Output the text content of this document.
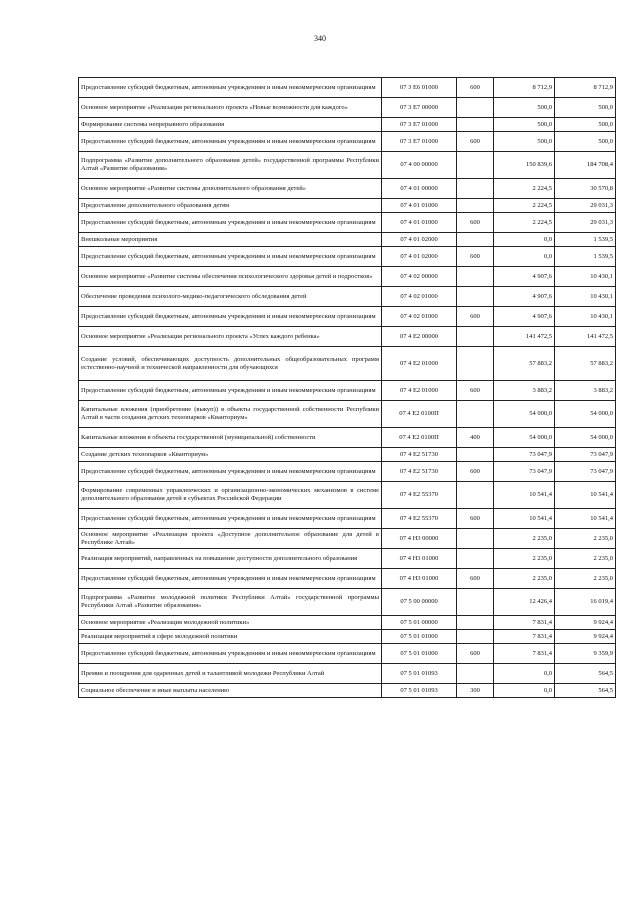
340
Предоставление субсидий бюджетным, автономным учреждениям и иным некоммерческим организациям	07 3 E6 01000	600	8 712,9	8 712,9
Основное мероприятие «Реализация регионального проекта «Новые возможности для каждого»	07 3 E7 00000		500,0	500,0
Формирование системы непрерывного образования	07 3 E7 01000		500,0	500,0
Предоставление субсидий бюджетным, автономным учреждениям и иным некоммерческим организациям	07 3 E7 01000	600	500,0	500,0
Подпрограмма «Развитие дополнительного образования детей» государственной программы Республики Алтай «Развитие образования»	07 4 00 00000		150 839,6	184 708,4
Основное мероприятие «Развитие системы дополнительного образования детей»	07 4 01 00000		2 224,5	30 570,8
Предоставление дополнительного образования детям	07 4 01 01000		2 224,5	29 031,3
Предоставление субсидий бюджетным, автономным учреждениям и иным некоммерческим организациям	07 4 01 01000	600	2 224,5	29 031,3
Внешкольные мероприятия	07 4 01 02000		0,0	1 539,5
Предоставление субсидий бюджетным, автономным учреждениям и иным некоммерческим организациям	07 4 01 02000	600	0,0	1 539,5
Основное мероприятие «Развитие системы обеспечения психологического здоровья детей и подростков»	07 4 02 00000		4 907,6	10 430,1
Обеспечение проведения психолого-медико-педагогического обследования детей	07 4 02 01000		4 907,6	10 430,1
Предоставление субсидий бюджетным, автономным учреждениям и иным некоммерческим организациям	07 4 02 01000	600	4 907,6	10 430,1
Основное мероприятие «Реализация регионального проекта «Успех каждого ребенка»	07 4 E2 00000		141 472,5	141 472,5
Создание условий, обеспечивающих доступность дополнительных общеобразовательных программ естественно-научной и технической направленности для обучающихся	07 4 E2 01000		57 883,2	57 883,2
Предоставление субсидий бюджетным, автономным учреждениям и иным некоммерческим организациям	07 4 E2 01000	600	3 883,2	3 883,2
Капитальные вложения (приобретение (выкуп)) в объекты государственной собственности Республики Алтай в части создания детских технопарков «Кванториум»	07 4 E2 0100П		54 000,0	54 000,0
Капитальные вложения в объекты государственной (муниципальной) собственности	07 4 E2 0100П	400	54 000,0	54 000,0
Создание детских технопарков «Кванториум»	07 4 E2 51730		73 047,9	73 047,9
Предоставление субсидий бюджетным, автономным учреждениям и иным некоммерческим организациям	07 4 E2 51730	600	73 047,9	73 047,9
Формирование современных управленческих и организационно-экономических механизмов в системе дополнительного образования детей в субъектах Российской Федерации	07 4 E2 55370		10 541,4	10 541,4
Предоставление субсидий бюджетным, автономным учреждениям и иным некоммерческим организациям	07 4 E2 55370	600	10 541,4	10 541,4
Основное мероприятие «Реализация проекта «Доступное дополнительное образование для детей в Республике Алтай»	07 4 Н3 00000		2 235,0	2 235,0
Реализация мероприятий, направленных на повышение доступности дополнительного образования	07 4 Н3 01000		2 235,0	2 235,0
Предоставление субсидий бюджетным, автономным учреждениям и иным некоммерческим организациям	07 4 Н3 01000	600	2 235,0	2 235,0
Подпрограмма «Развитие молодежной политики Республики Алтай» государственной программы Республики Алтай «Развитие образования»	07 5 00 00000		12 426,4	16 019,4
Основное мероприятие «Реализация молодежной политики»	07 5 01 00000		7 831,4	9 924,4
Реализация мероприятий в сфере молодежной политики	07 5 01 01000		7 831,4	9 924,4
Предоставление субсидий бюджетным, автономным учреждениям и иным некоммерческим организациям	07 5 01 01000	600	7 831,4	9 359,9
Премии и поощрения для одаренных детей и талантливой молодежи Республики Алтай	07 5 01 01093		0,0	564,5
Социальное обеспечение и иные выплаты населению	07 5 01 01093	300	0,0	564,5
